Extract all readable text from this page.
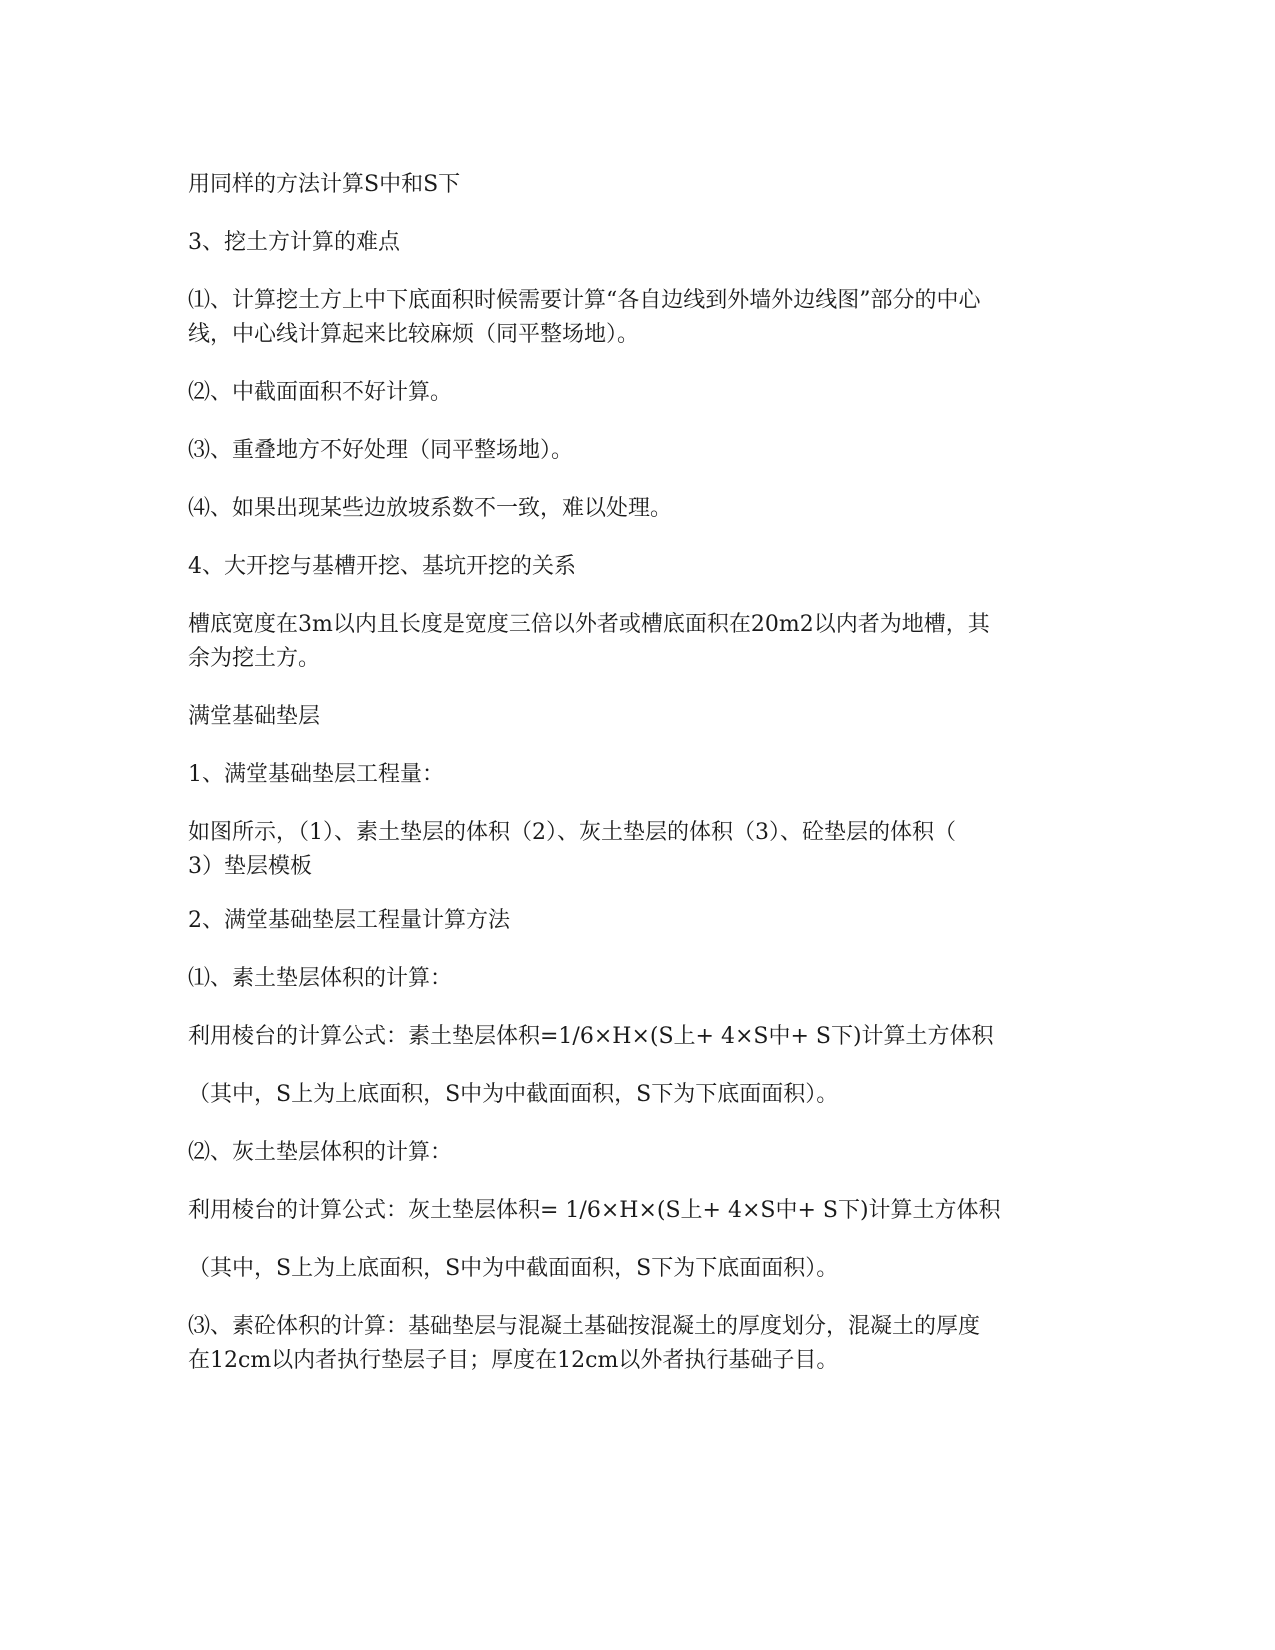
用同样的方法计算S中和S下

3、挖土方计算的难点

⑴、计算挖土方上中下底面积时候需要计算“各自边线到外墙外边线图”部分的中心
线，中心线计算起来比较麻烦（同平整场地）。

⑵、中截面面积不好计算。

⑶、重叠地方不好处理（同平整场地）。

⑷、如果出现某些边放坡系数不一致，难以处理。

4、大开挖与基槽开挖、基坑开挖的关系

槽底宽度在3m以内且长度是宽度三倍以外者或槽底面积在20m2以内者为地槽，其
余为挖土方。

满堂基础垫层

1、满堂基础垫层工程量：

如图所示，（1）、素土垫层的体积（2）、灰土垫层的体积（3）、砼垫层的体积（
3）垫层模板

2、满堂基础垫层工程量计算方法

⑴、素土垫层体积的计算：

利用棱台的计算公式：素土垫层体积=1/6×H×(S上+ 4×S中+ S下)计算土方体积

（其中，S上为上底面积，S中为中截面面积，S下为下底面面积）。

⑵、灰土垫层体积的计算：

利用棱台的计算公式：灰土垫层体积= 1/6×H×(S上+ 4×S中+ S下)计算土方体积

（其中，S上为上底面积，S中为中截面面积，S下为下底面面积）。

⑶、素砼体积的计算：基础垫层与混凝土基础按混凝土的厚度划分，混凝土的厚度
在12cm以内者执行垫层子目；厚度在12cm以外者执行基础子目。
